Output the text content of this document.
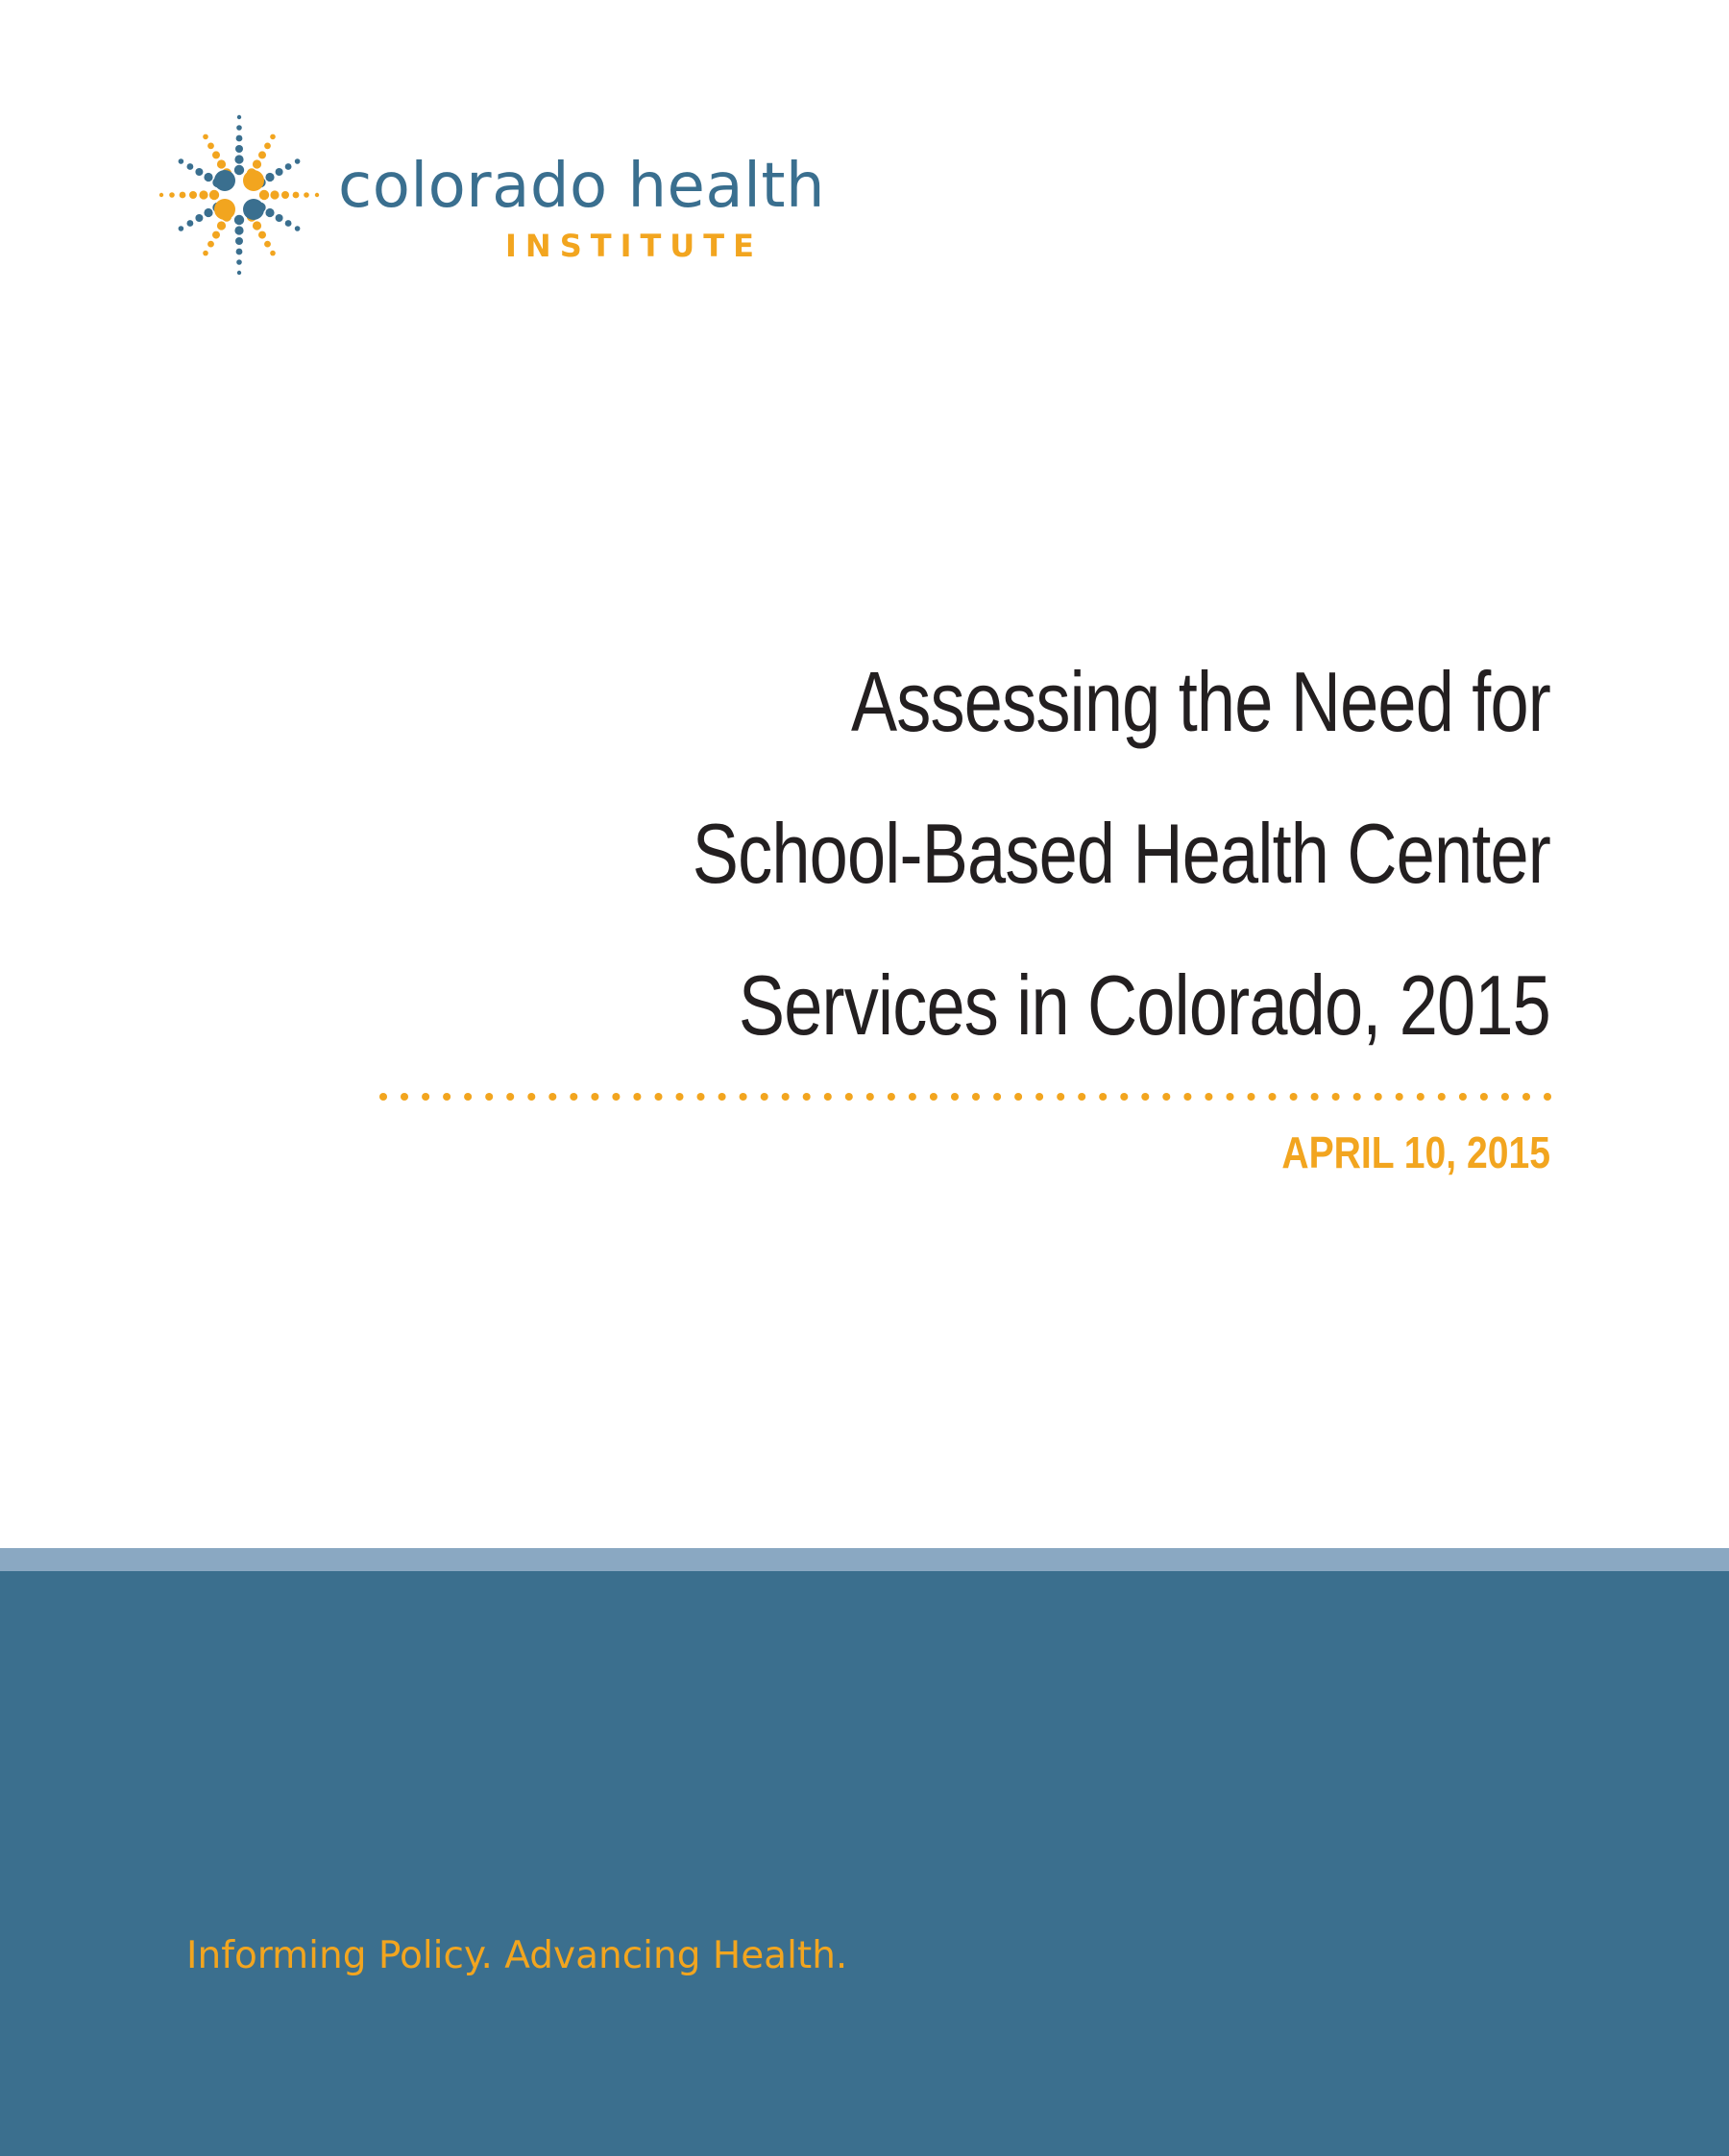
colorado health
INSTITUTE
Assessing the Need for
School-Based Health Center
Services in Colorado, 2015
APRIL 10, 2015
Informing Policy. Advancing Health.
